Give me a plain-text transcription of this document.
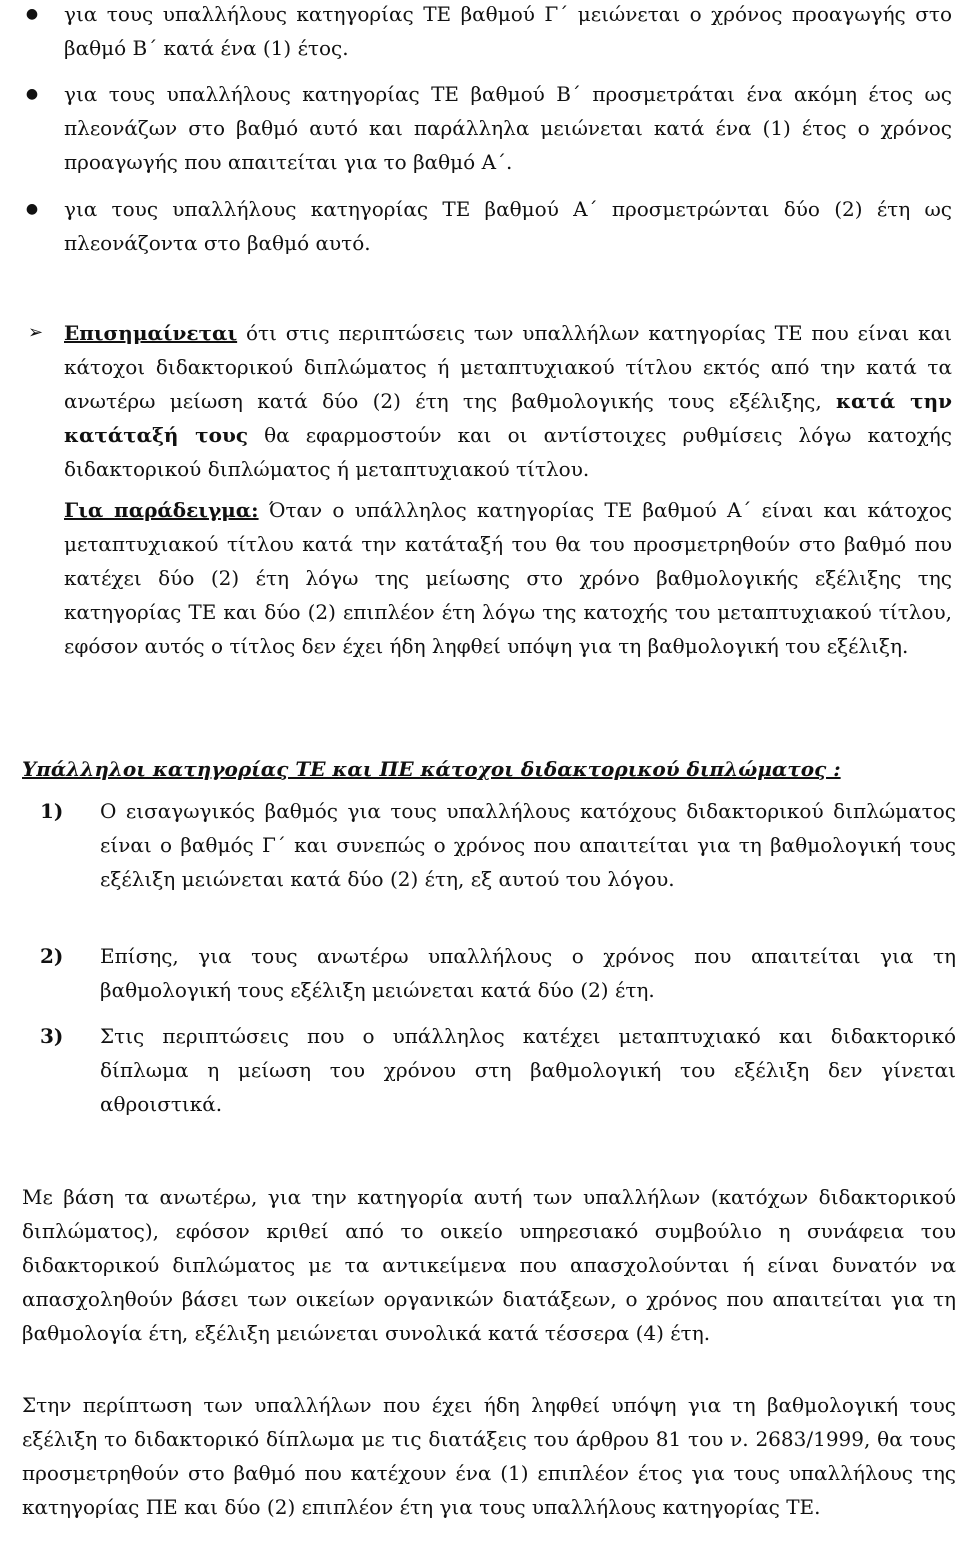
● για τους υπαλλήλους κατηγορίας ΤΕ βαθμού Γ΄ μειώνεται ο χρόνος προαγωγής στο βαθμό Β΄ κατά ένα (1) έτος.

● για τους υπαλλήλους κατηγορίας ΤΕ βαθμού Β΄ προσμετράται ένα ακόμη έτος ως πλεονάζων στο βαθμό αυτό και παράλληλα μειώνεται κατά ένα (1) έτος ο χρόνος προαγωγής που απαιτείται για το βαθμό Α΄.

● για τους υπαλλήλους κατηγορίας ΤΕ βαθμού Α΄ προσμετρώνται δύο (2) έτη ως πλεονάζοντα στο βαθμό αυτό.

➢ Επισημαίνεται ότι στις περιπτώσεις των υπαλλήλων κατηγορίας ΤΕ που είναι και κάτοχοι διδακτορικού διπλώματος ή μεταπτυχιακού τίτλου εκτός από την κατά τα ανωτέρω μείωση κατά δύο (2) έτη της βαθμολογικής τους εξέλιξης, κατά την κατάταξή τους θα εφαρμοστούν και οι αντίστοιχες ρυθμίσεις λόγω κατοχής διδακτορικού διπλώματος ή μεταπτυχιακού τίτλου.

Για παράδειγμα: Όταν ο υπάλληλος κατηγορίας ΤΕ βαθμού Α΄ είναι και κάτοχος μεταπτυχιακού τίτλου κατά την κατάταξή του θα του προσμετρηθούν στο βαθμό που κατέχει δύο (2) έτη λόγω της μείωσης στο χρόνο βαθμολογικής εξέλιξης της κατηγορίας ΤΕ και δύο (2) επιπλέον έτη λόγω της κατοχής του μεταπτυχιακού τίτλου, εφόσον αυτός ο τίτλος δεν έχει ήδη ληφθεί υπόψη για τη βαθμολογική του εξέλιξη.

Υπάλληλοι κατηγορίας ΤΕ και ΠΕ κάτοχοι διδακτορικού διπλώματος :
1) Ο εισαγωγικός βαθμός για τους υπαλλήλους κατόχους διδακτορικού διπλώματος είναι ο βαθμός Γ΄ και συνεπώς ο χρόνος που απαιτείται για τη βαθμολογική τους εξέλιξη μειώνεται κατά δύο (2) έτη, εξ αυτού του λόγου.

2) Επίσης, για τους ανωτέρω υπαλλήλους ο χρόνος που απαιτείται για τη βαθμολογική τους εξέλιξη μειώνεται κατά δύο (2) έτη.

3) Στις περιπτώσεις που ο υπάλληλος κατέχει μεταπτυχιακό και διδακτορικό δίπλωμα η μείωση του χρόνου στη βαθμολογική του εξέλιξη δεν γίνεται αθροιστικά.

Με βάση τα ανωτέρω, για την κατηγορία αυτή των υπαλλήλων (κατόχων διδακτορικού διπλώματος), εφόσον κριθεί από το οικείο υπηρεσιακό συμβούλιο η συνάφεια του διδακτορικού διπλώματος με τα αντικείμενα που απασχολούνται ή είναι δυνατόν να απασχοληθούν βάσει των οικείων οργανικών διατάξεων, ο χρόνος που απαιτείται για τη βαθμολογία έτη, εξέλιξη μειώνεται συνολικά κατά τέσσερα (4) έτη.

Στην περίπτωση των υπαλλήλων που έχει ήδη ληφθεί υπόψη για τη βαθμολογική τους εξέλιξη το διδακτορικό δίπλωμα με τις διατάξεις του άρθρου 81 του ν. 2683/1999, θα τους προσμετρηθούν στο βαθμό που κατέχουν ένα (1) επιπλέον έτος για τους υπαλλήλους της κατηγορίας ΠΕ και δύο (2) επιπλέον έτη για τους υπαλλήλους κατηγορίας ΤΕ.
